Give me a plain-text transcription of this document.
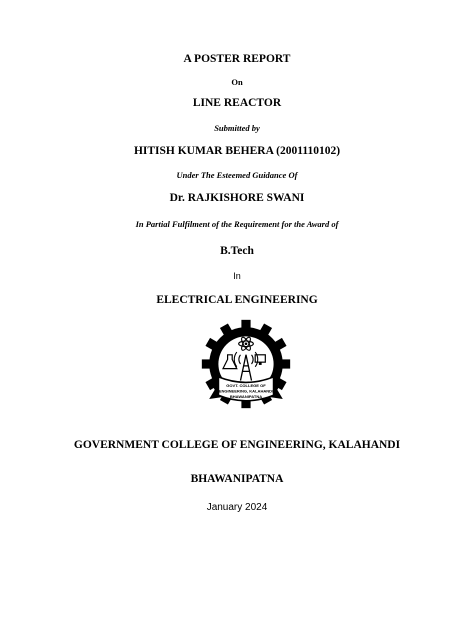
A POSTER REPORT
On
LINE REACTOR
Submitted by
HITISH KUMAR BEHERA (2001110102)
Under The Esteemed Guidance Of
Dr. RAJKISHORE SWANI
In Partial Fulfilment of the Requirement for the Award of
B.Tech
In
ELECTRICAL ENGINEERING
GOVT. COLLEGE OF
ENGINEERING, KALAHANDI
BHAWANIPATNA
GOVERNMENT COLLEGE OF ENGINEERING, KALAHANDI
BHAWANIPATNA
January 2024
